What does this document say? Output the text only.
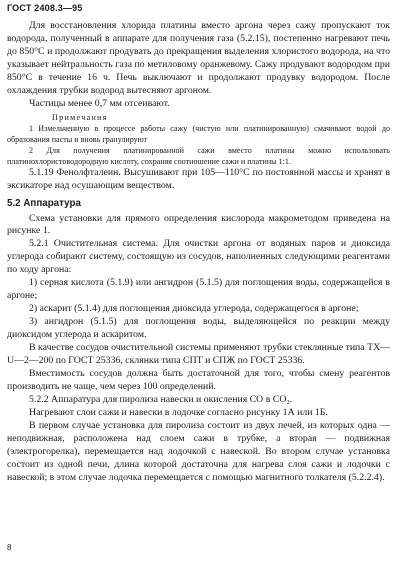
ГОСТ 2408.3—95

Для восстановления хлорида платины вместо аргона через сажу пропускают ток водорода, полученный в аппарате для получения газа (5.2.15), постепенно нагревают печь до 850°С и продолжают продувать до прекращения выделения хлористого водорода, на что указывает нейтральность газа по метиловому оранжевому. Сажу продувают водородом при 850°С в течение 16 ч. Печь выключают и продолжают продувку водородом. После охлаждения трубки водород вытесняют аргоном.

Частицы менее 0,7 мм отсеивают.

Примечания

1 Измельченную в процессе работы сажу (чистую или платинированную) смачивают водой до образования пасты и вновь гранулируют

2 Для получения платинированной сажи вместо платины можно использовать платинохлористоводородную кислоту, сохраняя соотношение сажи и платины 1:1.

5.1.19 Фенолфталеин. Высушивают при 105—110°С по постоянной массы и хранят в эксикаторе над осушающим веществом.

5.2 Аппаратура

Схема установки для прямого определения кислорода макрометодом приведена на рисунке 1.

5.2.1 Очистительная система. Для очистки аргона от водяных паров и диоксида углерода собирают систему, состоящую из сосудов, наполненных следующими реагентами по ходу аргона:

1) серная кислота (5.1.9) или ангидрон (5.1.5) для поглощения воды, содержащейся в аргоне;

2) аскарит (5.1.4) для поглощения диоксида углерода, содержащегося в аргоне;

3) ангидрон (5.1.5) для поглощения воды, выделяющейся по реакции между диоксидом углерода и аскаритом.

В качестве сосудов очистительной системы применяют трубки стеклянные типа ТХ—U—2—200 по ГОСТ 25336, склянки типа СПТ и СПЖ по ГОСТ 25336.

Вместимость сосудов должна быть достаточной для того, чтобы смену реагентов производить не чаще, чем через 100 определений.

5.2.2 Аппаратура для пиролиза навески и окисления СО в СО₂.

Нагревают слои сажи и навески в лодочке согласно рисунку 1А или 1Б.

В первом случае установка для пиролиза состоит из двух печей, из которых одна — неподвижная, расположена над слоем сажи в трубке, а вторая — подвижная (электрогорелка), перемещается над лодочкой с навеской. Во втором случае установка состоит из одной печи, длина которой достаточна для нагрева слоя сажи и лодочки с навеской; в этом случае лодочка перемещается с помощью магнитного толкателя (5.2.2.4).

8
